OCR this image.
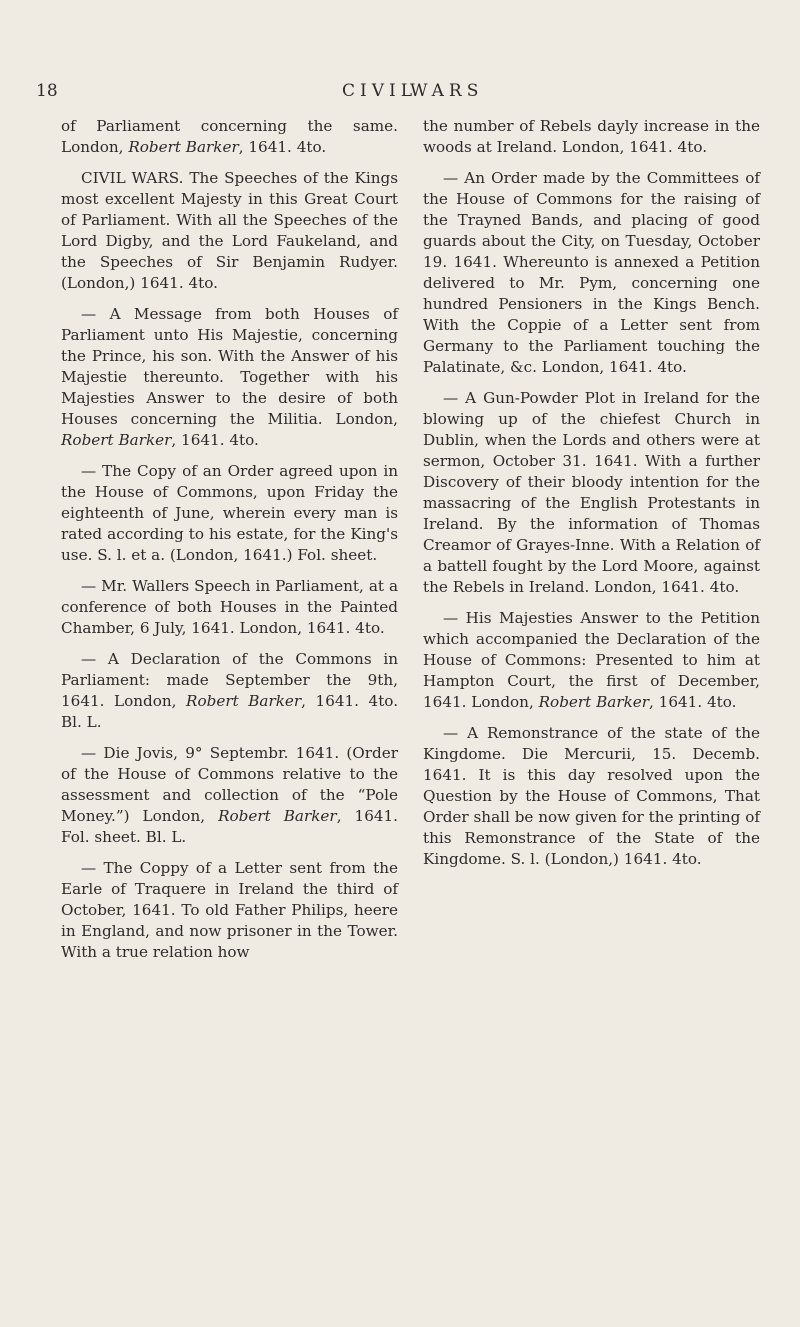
18	CIVIL
WARS

of Parliament concerning the same. London, Robert Barker, 1641. 4to.

CIVIL WARS. The Speeches of the Kings most excellent Majesty in this Great Court of Parliament. With all the Speeches of the Lord Digby, and the Lord Faukeland, and the Speeches of Sir Benjamin Rudyer. (London,) 1641. 4to.

— A Message from both Houses of Parliament unto His Majestie, concerning the Prince, his son. With the Answer of his Majestie thereunto. Together with his Majesties Answer to the desire of both Houses concerning the Militia. London, Robert Barker, 1641. 4to.

— The Copy of an Order agreed upon in the House of Commons, upon Friday the eighteenth of June, wherein every man is rated according to his estate, for the King's use. S. l. et a. (London, 1641.) Fol. sheet.

— Mr. Wallers Speech in Parliament, at a conference of both Houses in the Painted Chamber, 6 July, 1641. London, 1641. 4to.

— A Declaration of the Commons in Parliament: made September the 9th, 1641. London, Robert Barker, 1641. 4to. Bl. L.

— Die Jovis, 9° Septembr. 1641. (Order of the House of Commons relative to the assessment and collection of the “Pole Money.”) London, Robert Barker, 1641. Fol. sheet. Bl. L.

— The Coppy of a Letter sent from the Earle of Traquere in Ireland the third of October, 1641. To old Father Philips, heere in England, and now prisoner in the Tower. With a true relation how

the number of Rebels dayly increase in the woods at Ireland. London, 1641. 4to.

— An Order made by the Committees of the House of Commons for the raising of the Trayned Bands, and placing of good guards about the City, on Tuesday, October 19. 1641. Whereunto is annexed a Petition delivered to Mr. Pym, concerning one hundred Pensioners in the Kings Bench. With the Coppie of a Letter sent from Germany to the Parliament touching the Palatinate, &c. London, 1641. 4to.

— A Gun-Powder Plot in Ireland for the blowing up of the chiefest Church in Dublin, when the Lords and others were at sermon, October 31. 1641. With a further Discovery of their bloody intention for the massacring of the English Protestants in Ireland. By the information of Thomas Creamor of Grayes-Inne. With a Relation of a battell fought by the Lord Moore, against the Rebels in Ireland. London, 1641. 4to.

— His Majesties Answer to the Petition which accompanied the Declaration of the House of Commons: Presented to him at Hampton Court, the first of December, 1641. London, Robert Barker, 1641. 4to.

— A Remonstrance of the state of the Kingdome. Die Mercurii, 15. Decemb. 1641. It is this day resolved upon the Question by the House of Commons, That Order shall be now given for the printing of this Remonstrance of the State of the Kingdome. S. l. (London,) 1641. 4to.
